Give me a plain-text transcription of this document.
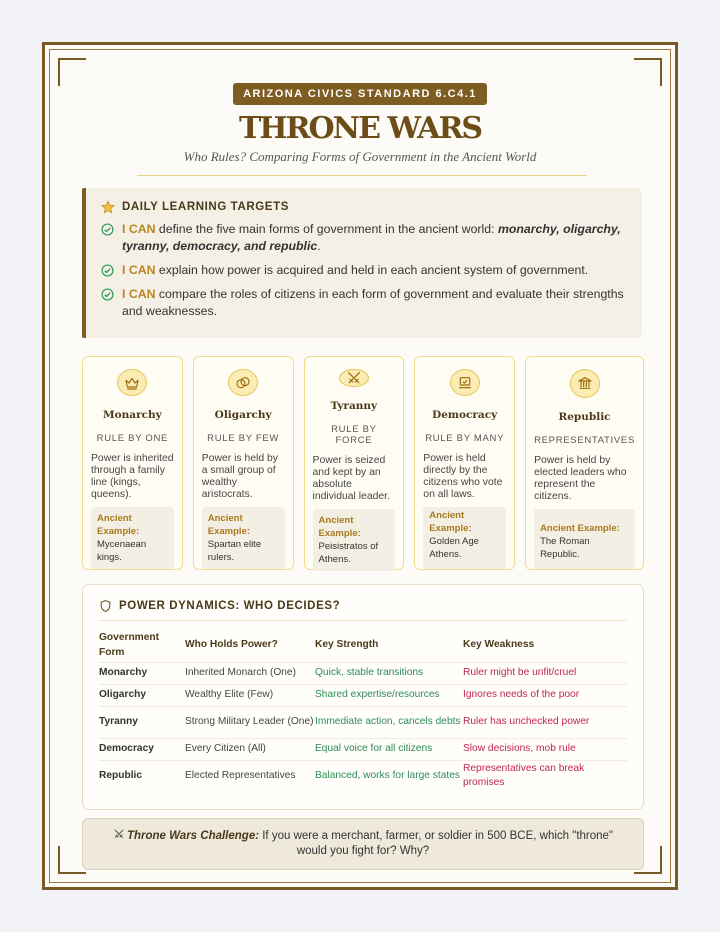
ARIZONA CIVICS STANDARD 6.C4.1
THRONE WARS
Who Rules? Comparing Forms of Government in the Ancient World
DAILY LEARNING TARGETS
I CAN define the five main forms of government in the ancient world: monarchy, oligarchy, tyranny, democracy, and republic.
I CAN explain how power is acquired and held in each ancient system of government.
I CAN compare the roles of citizens in each form of government and evaluate their strengths and weaknesses.
Monarchy
RULE BY ONE
Power is inherited through a family line (kings, queens).
Ancient Example:
Mycenaean kings.
Oligarchy
RULE BY FEW
Power is held by a small group of wealthy aristocrats.
Ancient Example:
Spartan elite rulers.
Tyranny
RULE BY FORCE
Power is seized and kept by an absolute individual leader.
Ancient Example:
Peisistratos of Athens.
Democracy
RULE BY MANY
Power is held directly by the citizens who vote on all laws.
Ancient Example: Golden Age Athens.
Republic
REPRESENTATIVES
Power is held by elected leaders who represent the citizens.
Ancient Example: The Roman Republic.
POWER DYNAMICS: WHO DECIDES?
Government Form	Who Holds Power?	Key Strength	Key Weakness
Monarchy	Inherited Monarch (One)	Quick, stable transitions	Ruler might be unfit/cruel
Oligarchy	Wealthy Elite (Few)	Shared expertise/resources	Ignores needs of the poor
Tyranny	Strong Military Leader (One)	Immediate action, cancels debts	Ruler has unchecked power
Democracy	Every Citizen (All)	Equal voice for all citizens	Slow decisions, mob rule
Republic	Elected Representatives	Balanced, works for large states	Representatives can break promises
Throne Wars Challenge: If you were a merchant, farmer, or soldier in 500 BCE, which "throne" would you fight for? Why?
